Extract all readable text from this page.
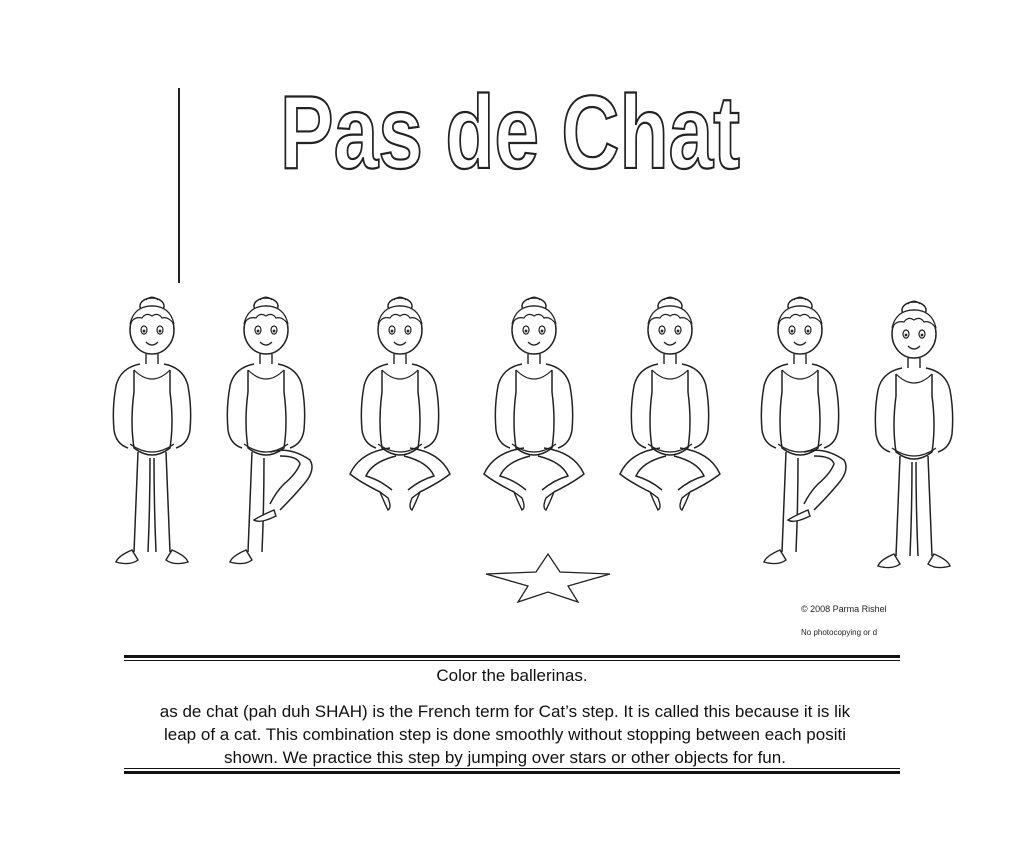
Pas de Chat
© 2008 Parma Rishel
No photocopying or d
Color the ballerinas.
as de chat (pah duh SHAH) is the French term for Cat’s step. It is called this because it is lik
leap of a cat. This combination step is done smoothly without stopping between each positi
shown. We practice this step by jumping over stars or other objects for fun.
